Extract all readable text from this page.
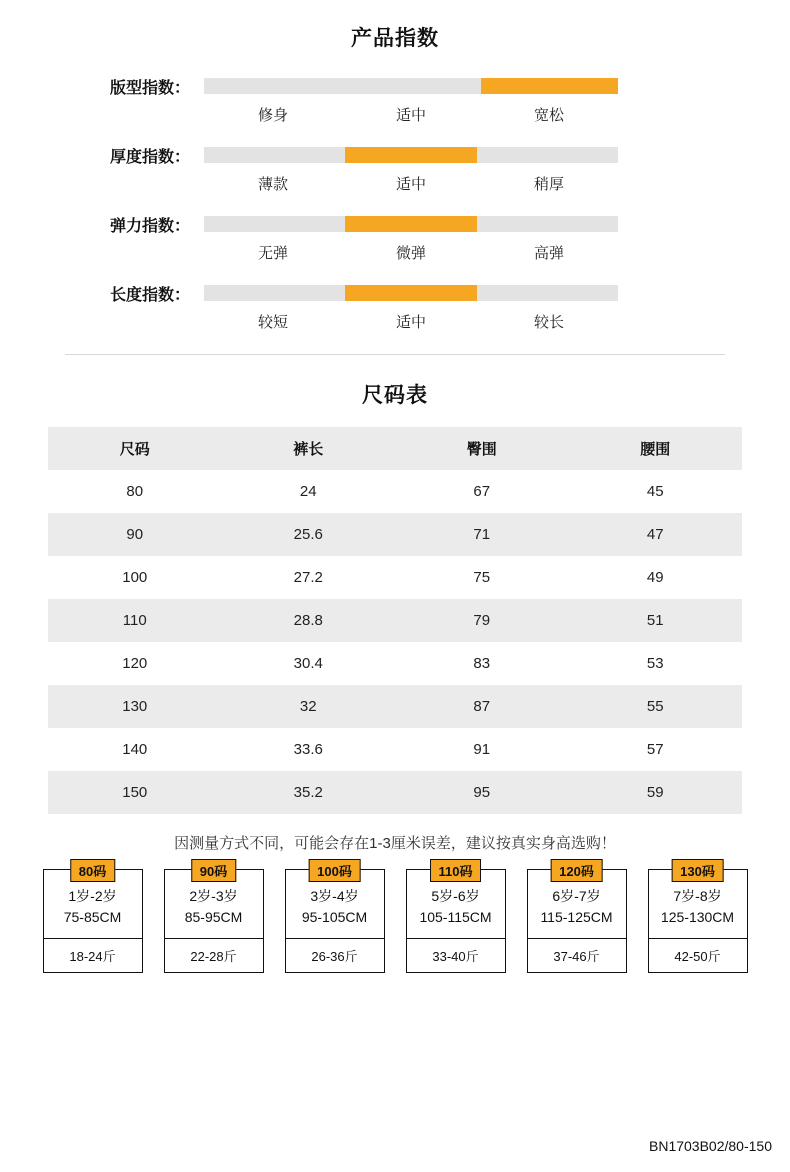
产品指数
版型指数：
修身	适中	宽松
厚度指数：
薄款	适中	稍厚
弹力指数：
无弹	微弹	高弹
长度指数：
较短	适中	较长
尺码表
尺码	裤长	臀围	腰围
80	24	67	45
90	25.6	71	47
100	27.2	75	49
110	28.8	79	51
120	30.4	83	53
130	32	87	55
140	33.6	91	57
150	35.2	95	59
因测量方式不同，可能会存在1-3厘米误差，建议按真实身高选购！
80码
1岁-2岁
75-85CM
18-24斤
90码
2岁-3岁
85-95CM
22-28斤
100码
3岁-4岁
95-105CM
26-36斤
110码
5岁-6岁
105-115CM
33-40斤
120码
6岁-7岁
115-125CM
37-46斤
130码
7岁-8岁
125-130CM
42-50斤
BN1703B02/80-150
